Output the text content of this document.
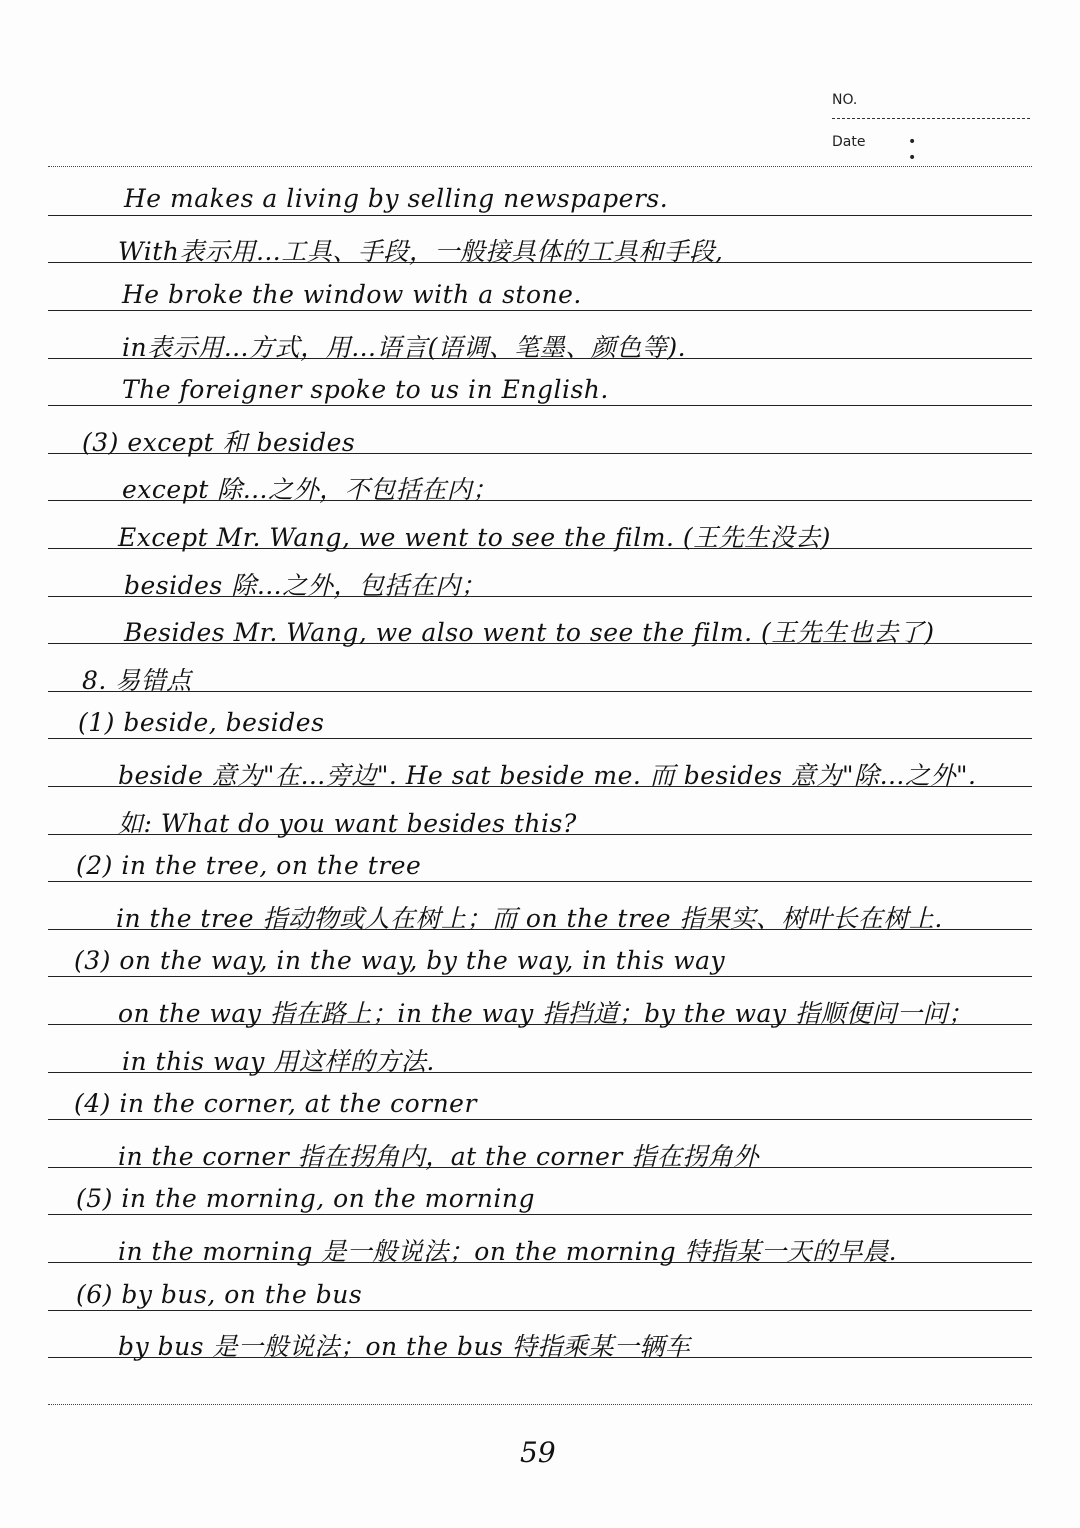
NO.
Date	• •
He makes a living by selling newspapers.
With表示用…工具、手段，一般接具体的工具和手段,
He broke the window with a stone.
in表示用…方式，用…语言(语调、笔墨、颜色等).
The foreigner spoke to us in English.
(3) except 和 besides
except 除…之外，不包括在内；
Except Mr. Wang, we went to see the film. (王先生没去)
besides 除…之外，包括在内；
Besides Mr. Wang, we also went to see the film. (王先生也去了)
8. 易错点
(1) beside, besides
beside 意为"在…旁边". He sat beside me. 而 besides 意为"除…之外".
如: What do you want besides this?
(2) in the tree, on the tree
in the tree 指动物或人在树上；而 on the tree 指果实、树叶长在树上.
(3) on the way, in the way, by the way, in this way
on the way 指在路上；in the way 指挡道；by the way 指顺便问一问；
in this way 用这样的方法.
(4) in the corner, at the corner
in the corner 指在拐角内，at the corner 指在拐角外
(5) in the morning, on the morning
in the morning 是一般说法；on the morning 特指某一天的早晨.
(6) by bus, on the bus
by bus 是一般说法；on the bus 特指乘某一辆车
59
